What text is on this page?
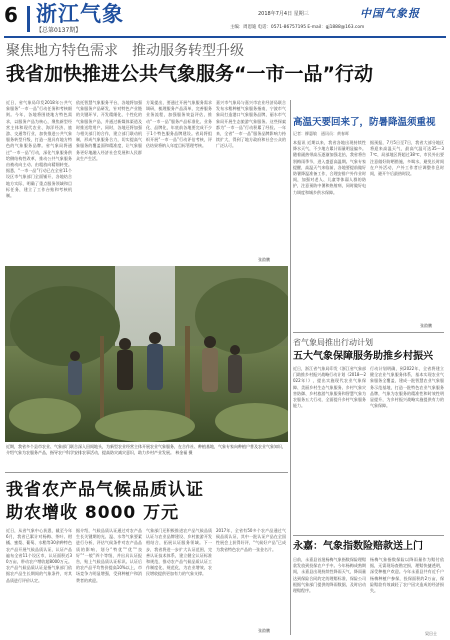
6 浙江气象
【总第0137期】
2018年7月4日 星期三	中国气象报
主编：周恩迪 电话：0571-86757195 E-mail：gj1888@163.com
聚焦地方特色需求　推动服务转型升级
我省加快推进公共气象服务“一市一品”行动
近日，省气象局印发2018年公共气象服务“一市一品”行动任务和考核细则。今年，各地将围绕地方特色需求，以服务产品为核心，聚焦新型经营主体和现代农业、海洋经济、旅游、交通等行业，加快推进公共气象服务转型升级，打造一批具有地方特色的气象服务品牌。省气象局将通过“一市一品”行动，深化气象服务供给侧结构性改革，推动公共气象服务由被动向主动、由粗放向精细转变。据悉，“一市一品”行动已在全省11个设区市气象部门全面铺开，各地结合地方实际，明确了重点服务领域和目标任务，建立了工作台账和考核机制。
依托智慧气象服务平台，各地将加强气象服务产品研发，针对特色产业链的关键环节，开发精细化、个性化的气象服务产品，并通过新媒体渠道及时推送给用户。同时，各地还将加强与相关部门的合作，建立部门联动机制，形成气象服务合力，切实提高气象服务的覆盖面和精准度，让气象服务更好地融入经济社会发展和人民群众生产生活。
方案提出，要通过开展气象服务需求调研，梳理服务产品清单，完善服务业务流程，加强服务效益评估，推动“一市一品”服务产品标准化、业务化、品牌化，年底前各地要完成不少于1个特色服务品牌建设。省局将组织开展“一市一品”行动评估考核，评估结果将纳入年度目标管理考核。
嘉兴市气象局与嘉兴市农业经济局联合发布水稻种植气象服务指南，宁波市气象局打造港口气象服务品牌，丽水市气象局开展生态旅游气象服务。这些探索都为“一市一品”行动积累了经验。一年来，全省“一市一品”服务品牌影响力持续扩大，得到了地方政府和社会公众的广泛认可。
张韵鹏
高温天要回来了，防暑降温须重视
记者：柳惠敏　通讯员：黄春晖
本报讯 近期以来，我省各地出现持续性降水天气，不少地方累计雨量明显偏多。随着副热带高压逐渐加强北抬，我省将告别梅雨季节，进入盛夏高温期。气象专家提醒，高温天气来临前，各地要提前做好防暑降温准备工作，合理安排户外作业时间，加强对老人、儿童等体弱人群的防护，注意预防中暑和热射病，同时做好电力调度和城乡供水保障。
据预报，7月5日至7日，我省大部分地区将迎来高温天气，最高气温可达35～37℃，局部地区将超过38℃，市民外出要注意做好防晒措施，多喝水，避免长时间在户外活动，户外工作者应调整作息时间，避开午后最热时段。
张韵鹏
近期，我省多个县市农业、气象部门联合深入田间地头，为新型农业经营主体开展农业气象服务，在合作社、种植基地，气象专家向种植户普及农业气象知识，介绍气象为农服务产品，指导农户科学安排农事活动，提高防灾减灾意识，助力乡村产业发展。 林金福 摄
省气象局推出行动计划
五大气象保障服务助推乡村振兴
近日，浙江省气象局印发《浙江省气象部门助推乡村振兴战略行动计划（2018—2022年）》，提出实施现代农业气象保障、美丽乡村生态气象服务、乡村气象灾害防御、乡村旅游气象服务和智慧气象为农服务五大行动，全面提升乡村气象服务能力。
行动计划明确，到2022年，全省将建立健全农业气象服务体系，基本实现农业气象服务全覆盖，建成一批智慧农业气象服务示范基地，打造一批特色农业气象服务品牌，气象为农服务的精准性和时效性明显提升，为乡村振兴战略实施提供有力的气象保障。
我省农产品气候品质认证
助农增收 8000 万元
近日，从省气象中心获悉，截至今年6月，我省已累计对杨梅、茶叶、柑橘、蜜梨、葡萄、水稻等30余种特色农产品开展气候品质认证，认证产品遍布全省11个设区市，认证面积近30万亩，带动农户增收超8000万元。农产品气候品质认证是指气象部门依据农产品生长期间的气象条件，对其品质进行评价认定。
据介绍，气候品质认证通过对农产品生长关键期的光、温、水等气象要素进行分析，评估气候条件对农产品品质的影响，划分“特优”“优”“良好”“一般”四个等级，并出具认证报告，贴上气候品质认证标识。认证后的农产品平均售价提高10%以上，市场竞争力明显增强，受到种植户和消费者的欢迎。
气象部门还积极推进农产品气候品质认证与农业品牌建设、乡村旅游开发相结合，拓展认证服务领域。下一步，我省将进一步扩大认证范围，完善认证技术体系，建立健全认证标准和规范，推动农产品气候品质认证工作制度化、规范化，为农业增效、农民增收提供更加有力的气象支撑。
2017年，全省有50多个农产品通过气候品质认证，其中一批认证产品在全国性展会上获得好评，“气候好产品”已成为我省特色农产品的一张金名片。
张韵鹏
永嘉：气象指数险赔款送上门
日前，永嘉县首批杨梅气象指数保险理赔款发放到投保农户手中。今年杨梅成熟期间，永嘉县出现持续性降雨天气，降雨量达到保险合同约定的理赔标准，保险公司根据气象部门提供的降雨数据，及时启动理赔程序。
杨梅气象指数保险以降雨量作为赔付依据，无需现场查勘定损，理赔快捷透明，深受种植户欢迎。今年永嘉县共有近千户杨梅种植户参保，投保面积约2万亩，保险赔款有效减轻了农户因灾造成的经济损失。
吴日士
